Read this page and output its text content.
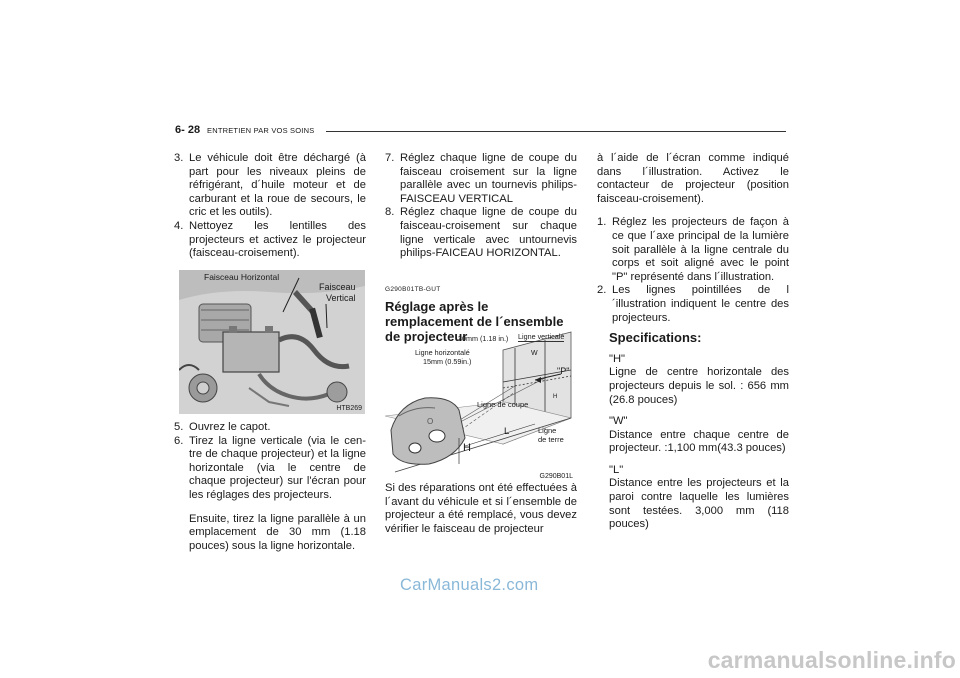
6- 28 ENTRETIEN PAR VOS SOINS
3. Le véhicule doit être déchargé (à part pour les niveaux pleins de réfrigérant, d´huile moteur et de carburant et la roue de secours, le cric et les outils).
4. Nettoyez les lentilles des projecteurs et activez le projecteur (faisceau-croisement).
Faisceau Horizontal
Faisceau
Vertical
HTB269
5. Ouvrez le capot.
6. Tirez la ligne verticale (via le cen- tre de chaque projecteur) et la ligne horizontale (via le centre de chaque projecteur) sur l'écran pour les réglages des projecteurs.

Ensuite, tirez la ligne parallèle à un emplacement de 30 mm (1.18 pouces) sous la ligne horizontale.

7. Réglez chaque ligne de coupe du faisceau croisement sur la ligne parallèle avec un tournevis philips- FAISCEAU VERTICAL
8. Réglez chaque ligne de coupe du faisceau-croisement sur chaque ligne verticale avec untournevis philips-FAICEAU HORIZONTAL.
G290B01TB-GUT
Réglage après le remplacement de l´ensemble de projecteur
O
30mm (1.18 in.) Ligne verticalé
Ligne horizontalé
15mm (0.59in.)
W
"P"
Ligne de coupe
H
L
H
Ligne
de terre
G290B01L

Si des réparations ont été effectuées à l´avant du véhicule et si l´ensemble de projecteur a été remplacé, vous devez vérifier le faisceau de projecteur

à l´aide de l´écran comme indiqué dans l´illustration. Activez le contacteur de projecteur (position faisceau-croisement).

1. Réglez les projecteurs de façon à ce que l´axe principal de la lumière soit parallèle à la ligne centrale du corps et soit aligné avec le point "P" représenté dans l´illustration.
2. Les lignes pointillées de l´illustration indiquent le centre des projecteurs.
Specifications:

"H"
Ligne de centre horizontale des projecteurs depuis le sol. : 656 mm (26.8 pouces)

"W"
Distance entre chaque centre de projecteur. :1,100 mm(43.3 pouces)

"L"
Distance entre les projecteurs et la paroi contre laquelle les lumières sont testées. 3,000 mm (118 pouces)

CarManuals2.com
carmanualsonline.info
